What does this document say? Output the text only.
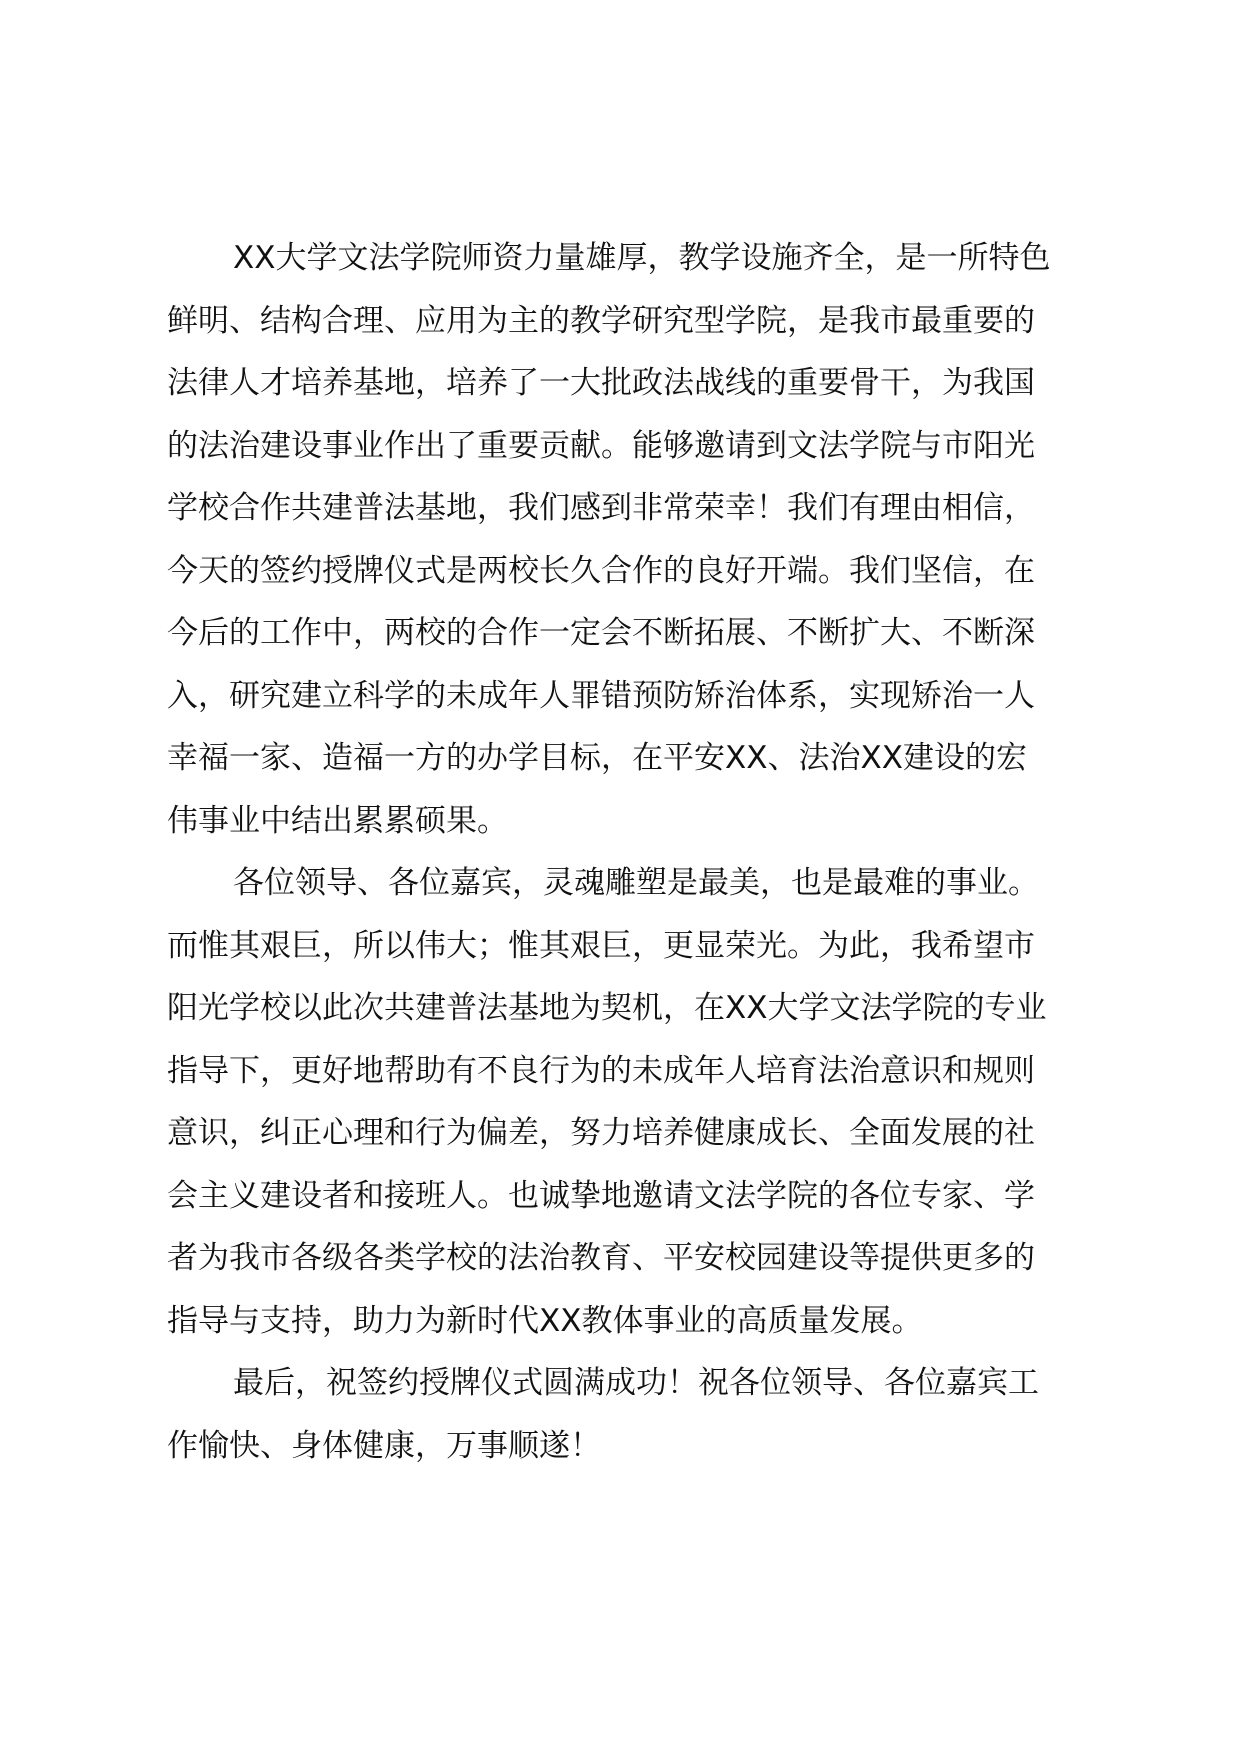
XX大学文法学院师资力量雄厚，教学设施齐全，是一所特色
鲜明、结构合理、应用为主的教学研究型学院，是我市最重要的
法律人才培养基地，培养了一大批政法战线的重要骨干，为我国
的法治建设事业作出了重要贡献。能够邀请到文法学院与市阳光
学校合作共建普法基地，我们感到非常荣幸！我们有理由相信，
今天的签约授牌仪式是两校长久合作的良好开端。我们坚信，在
今后的工作中，两校的合作一定会不断拓展、不断扩大、不断深
入，研究建立科学的未成年人罪错预防矫治体系，实现矫治一人
幸福一家、造福一方的办学目标，在平安XX、法治XX建设的宏
伟事业中结出累累硕果。
各位领导、各位嘉宾，灵魂雕塑是最美，也是最难的事业。
而惟其艰巨，所以伟大；惟其艰巨，更显荣光。为此，我希望市
阳光学校以此次共建普法基地为契机，在XX大学文法学院的专业
指导下，更好地帮助有不良行为的未成年人培育法治意识和规则
意识，纠正心理和行为偏差，努力培养健康成长、全面发展的社
会主义建设者和接班人。也诚挚地邀请文法学院的各位专家、学
者为我市各级各类学校的法治教育、平安校园建设等提供更多的
指导与支持，助力为新时代XX教体事业的高质量发展。
最后，祝签约授牌仪式圆满成功！祝各位领导、各位嘉宾工
作愉快、身体健康，万事顺遂！
